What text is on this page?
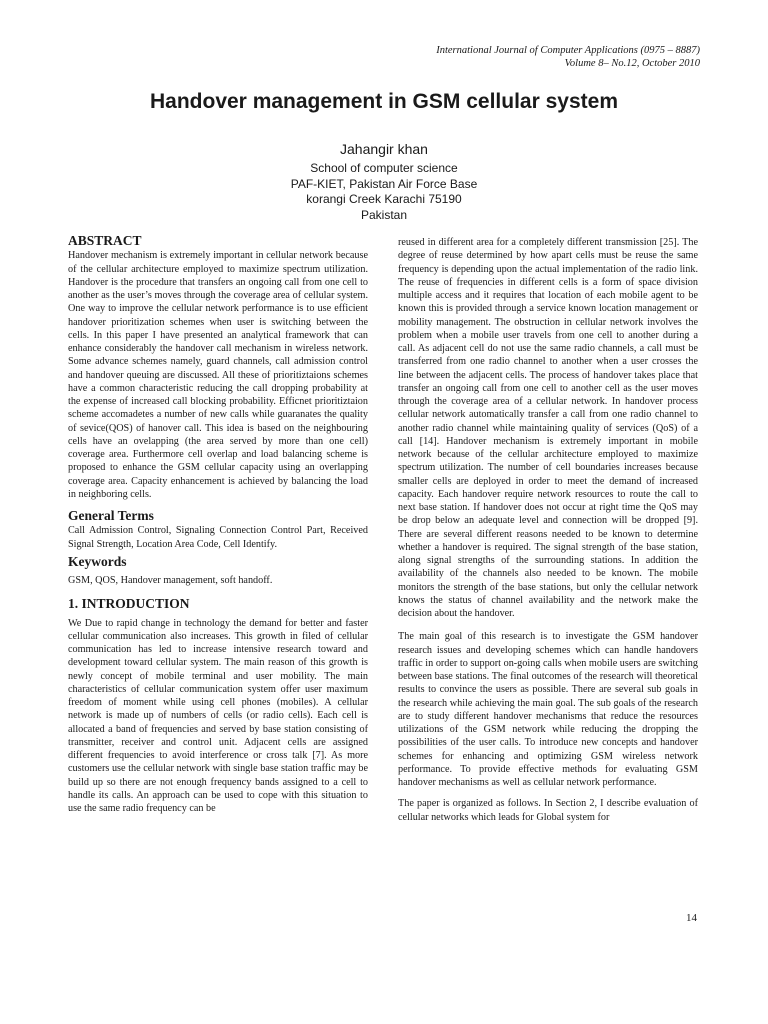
International Journal of Computer Applications (0975 – 8887)
Volume 8– No.12, October 2010
Handover management in GSM cellular system
Jahangir khan
School of computer science
PAF-KIET, Pakistan Air Force Base
korangi Creek Karachi 75190
Pakistan
ABSTRACT

Handover mechanism is extremely important in cellular network because of the cellular architecture employed to maximize spectrum utilization. Handover is the procedure that transfers an ongoing call from one cell to another as the user’s moves through the coverage area of cellular system. One way to improve the cellular network performance is to use efficient handover prioritization schemes when user is switching between the cells. In this paper I have presented an analytical framework that can enhance considerably the handover call mechanism in wireless network. Some advance schemes namely, guard channels, call admission control and handover queuing are discussed. All these of prioritiztaions schemes have a common characteristic reducing the call dropping probability at the expense of increased call blocking probability. Efficnet prioritiztaion scheme accomadetes a number of new calls while guaranates the quality of sevice(QOS) of hanover call. This idea is based on the neighbouring cells have an ovelapping (the area served by more than one cell) coverage area. Furthermore cell overlap and load balancing scheme is proposed to enhance the GSM cellular capacity using an overlapping coverage area. Capacity enhancement is achieved by balancing the load in neighboring cells.

General Terms

Call Admission Control, Signaling Connection Control Part, Received Signal Strength, Location Area Code, Cell Identify.

Keywords

GSM, QOS, Handover management, soft handoff.

1. INTRODUCTION

We Due to rapid change in technology the demand for better and faster cellular communication also increases. This growth in filed of cellular communication has led to increase intensive research toward and development toward cellular system. The main reason of this growth is newly concept of mobile terminal and user mobility. The main characteristics of cellular communication system offer user maximum freedom of moment while using cell phones (mobiles). A cellular network is made up of numbers of cells (or radio cells). Each cell is allocated a band of frequencies and served by base station consisting of transmitter, receiver and control unit. Adjacent cells are assigned different frequencies to avoid interference or cross talk [7]. As more customers use the cellular network with single base station traffic may be build up so there are not enough frequency bands assigned to a cell to handle its calls. An approach can be used to cope with this situation to use the same radio frequency can be

reused in different area for a completely different transmission [25]. The degree of reuse determined by how apart cells must be reuse the same frequency is depending upon the actual implementation of the radio link. The reuse of frequencies in different cells is a form of space division multiple access and it requires that location of each mobile agent to be known this is provided through a service known location management or mobility management. The obstruction in cellular network involves the problem when a mobile user travels from one cell to another during a call. As adjacent cell do not use the same radio channels, a call must be transferred from one radio channel to another when a user crosses the line between the adjacent cells. The process of handover takes place that transfer an ongoing call from one cell to another cell as the user moves through the coverage area of a cellular network. In handover process cellular network automatically transfer a call from one radio channel to another radio channel while maintaining quality of services (QoS) of a call [14]. Handover mechanism is extremely important in mobile network because of the cellular architecture employed to maximize spectrum utilization. The number of cell boundaries increases because smaller cells are deployed in order to meet the demand of increased capacity. Each handover require network resources to route the call to next base station. If handover does not occur at right time the QoS may be drop below an adequate level and connection will be dropped [9]. There are several different reasons needed to be known to determine whether a handover is required. The signal strength of the base station, along signal strengths of the surrounding stations. In addition the availability of the channels also needed to be known. The mobile monitors the strength of the base stations, but only the cellular network knows the status of channel availability and the network make the decision about the handover.

The main goal of this research is to investigate the GSM handover research issues and developing schemes which can handle handovers traffic in order to support on-going calls when mobile users are switching between base stations. The final outcomes of the research will theoretical results to convince the users as possible. There are several sub goals in the research while achieving the main goal. The sub goals of the research are to study different handover mechanisms that reduce the resources utilizations of the GSM network while reducing the dropping the possibilities of the user calls. To introduce new concepts and handover schemes for enhancing and optimizing GSM wireless network performance. To provide effective methods for evaluating GSM handover mechanisms as well as cellular network performance.

The paper is organized as follows. In Section 2, I describe evaluation of cellular networks which leads for Global system for

14
